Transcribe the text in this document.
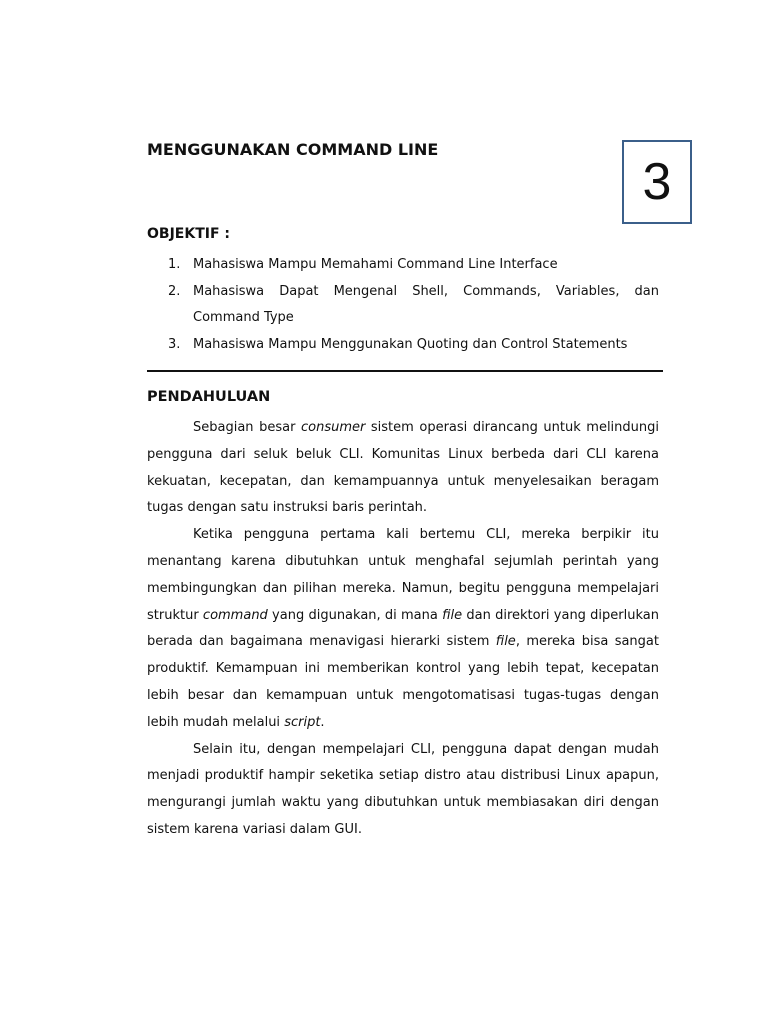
MENGGUNAKAN COMMAND LINE
3
OBJEKTIF :
1. Mahasiswa Mampu Memahami Command Line Interface
2. Mahasiswa Dapat Mengenal Shell, Commands, Variables, dan Command Type
3. Mahasiswa Mampu Menggunakan Quoting dan Control Statements
PENDAHULUAN

Sebagian besar consumer sistem operasi dirancang untuk melindungi pengguna dari seluk beluk CLI. Komunitas Linux berbeda dari CLI karena kekuatan, kecepatan, dan kemampuannya untuk menyelesaikan beragam tugas dengan satu instruksi baris perintah.

Ketika pengguna pertama kali bertemu CLI, mereka berpikir itu menantang karena dibutuhkan untuk menghafal sejumlah perintah yang membingungkan dan pilihan mereka. Namun, begitu pengguna mempelajari struktur command yang digunakan, di mana file dan direktori yang diperlukan berada dan bagaimana menavigasi hierarki sistem file, mereka bisa sangat produktif. Kemampuan ini memberikan kontrol yang lebih tepat, kecepatan lebih besar dan kemampuan untuk mengotomatisasi tugas-tugas dengan lebih mudah melalui script.

Selain itu, dengan mempelajari CLI, pengguna dapat dengan mudah menjadi produktif hampir seketika setiap distro atau distribusi Linux apapun, mengurangi jumlah waktu yang dibutuhkan untuk membiasakan diri dengan sistem karena variasi dalam GUI.
